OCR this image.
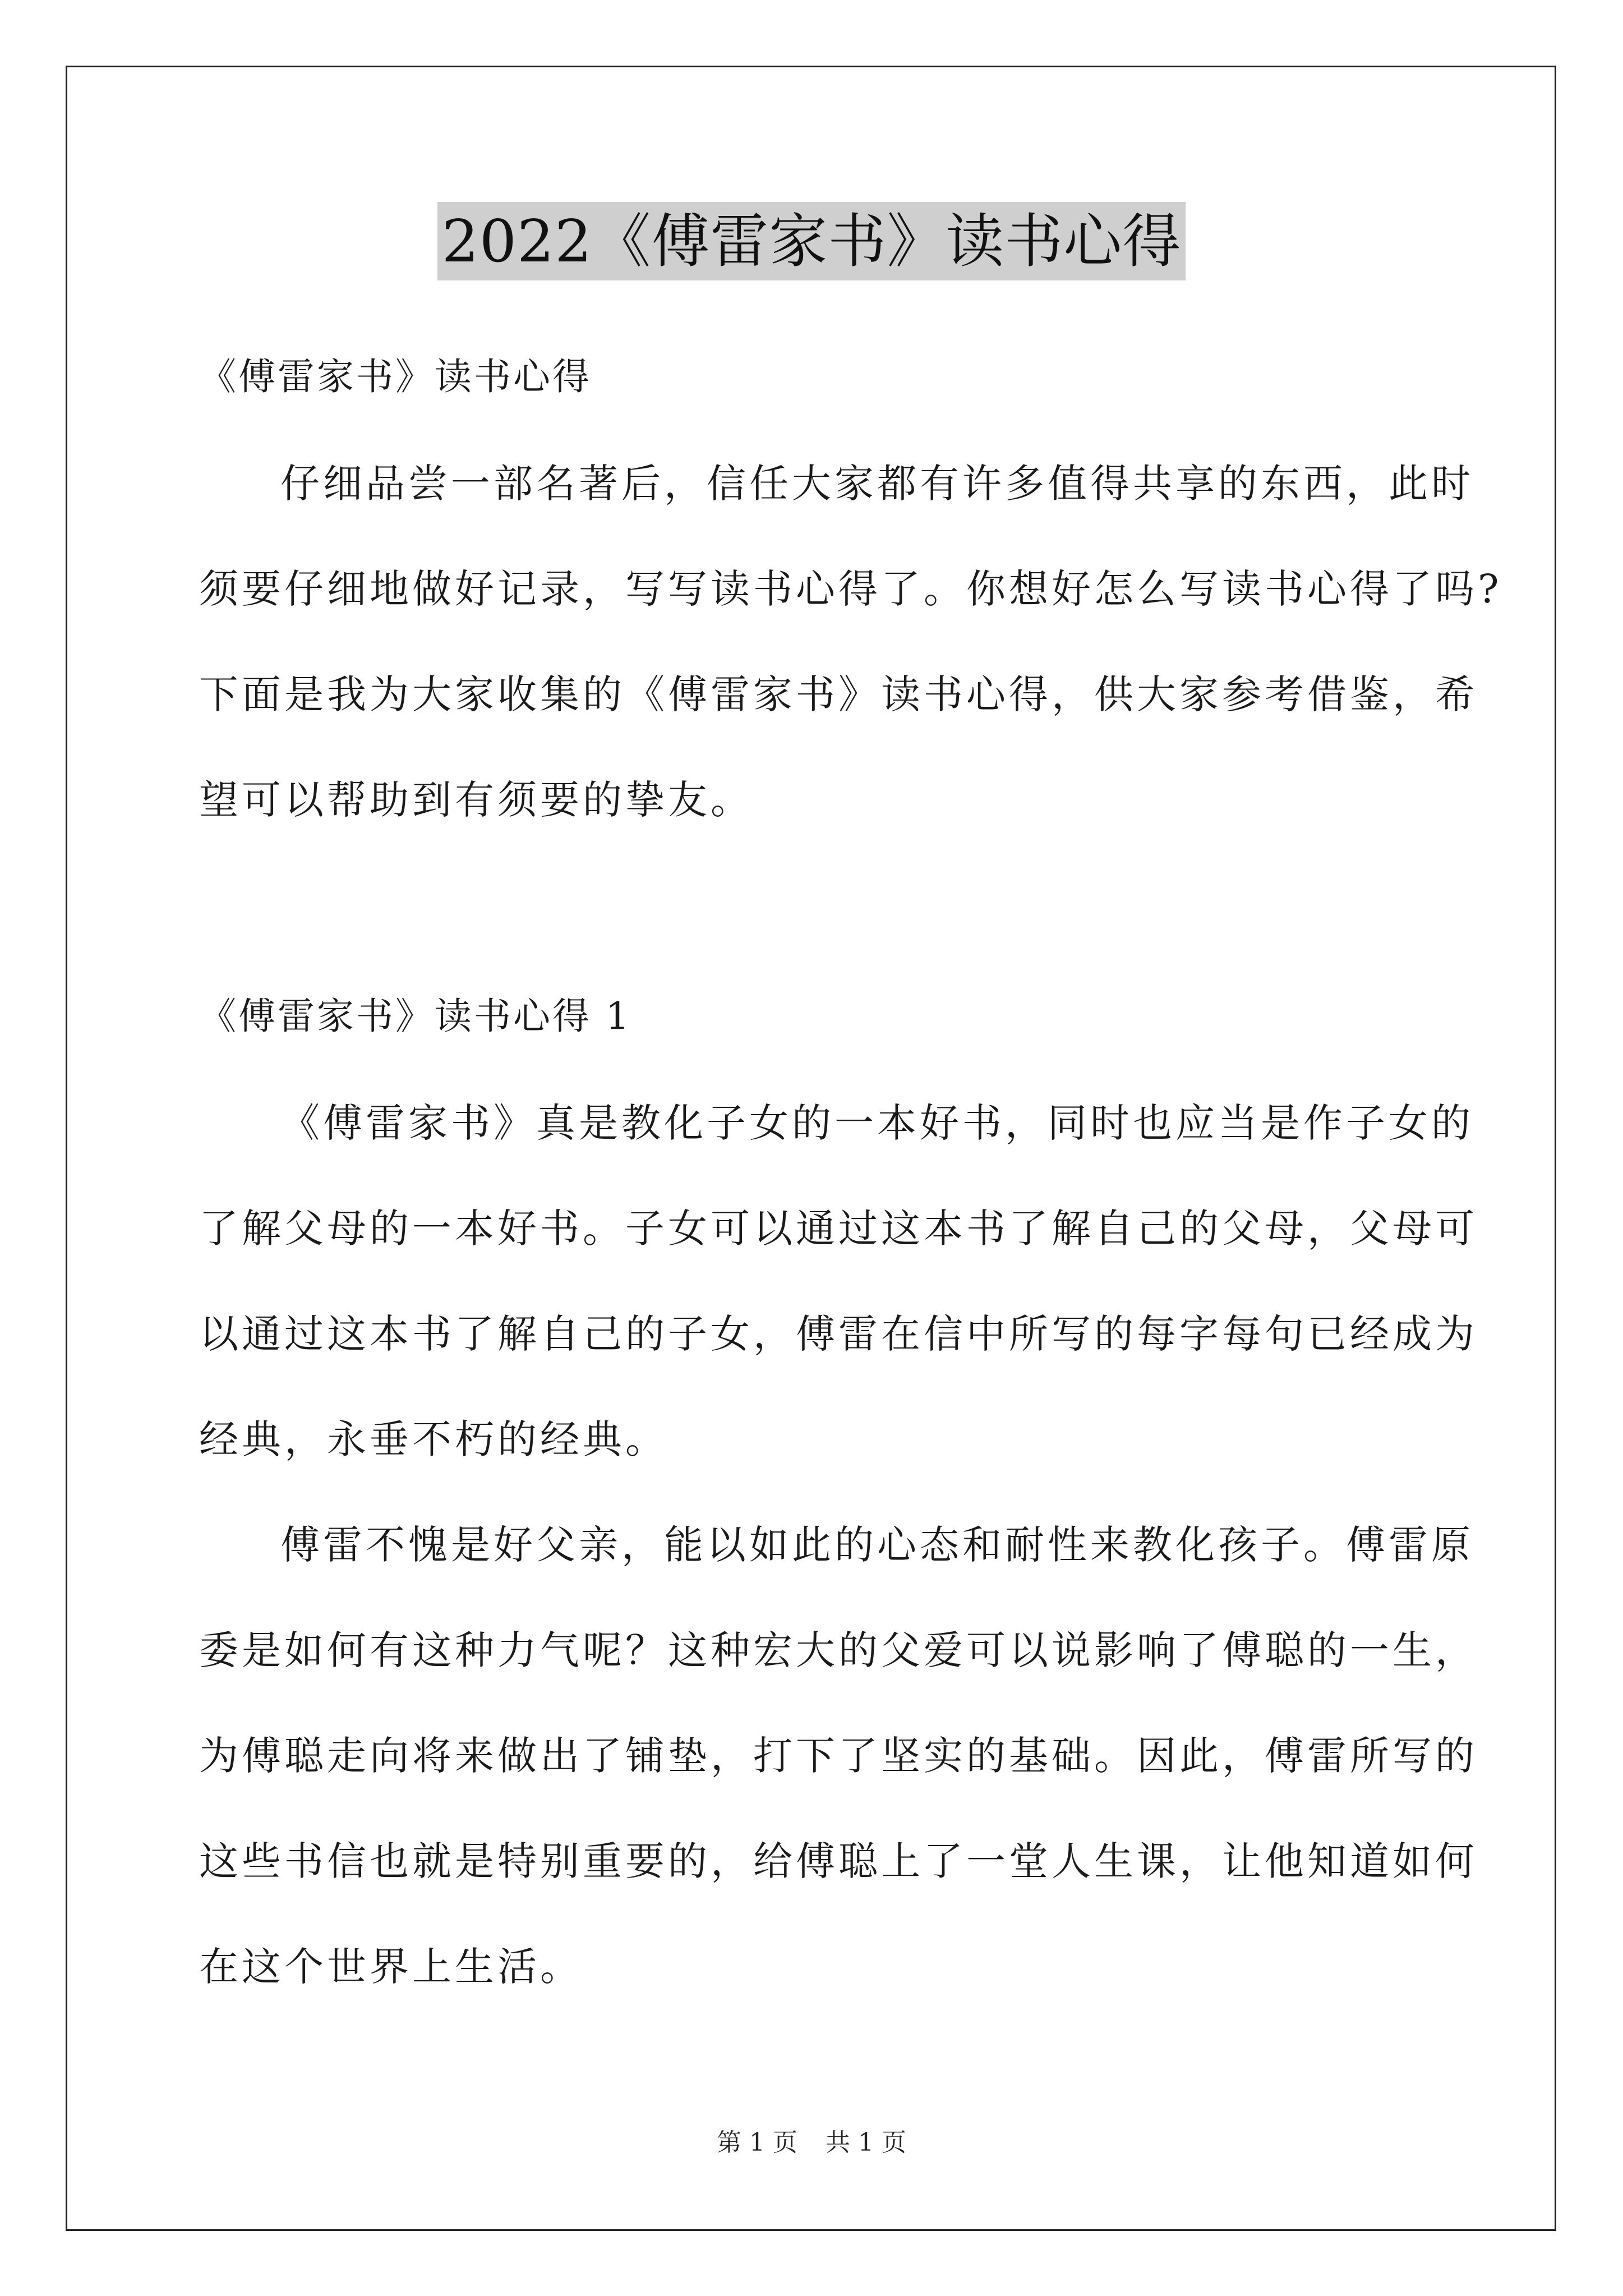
2022《傅雷家书》读书心得
《傅雷家书》读书心得
仔细品尝一部名著后，信任大家都有许多值得共享的东西，此时
须要仔细地做好记录，写写读书心得了。你想好怎么写读书心得了吗?
下面是我为大家收集的《傅雷家书》读书心得，供大家参考借鉴，希
望可以帮助到有须要的挚友。
《傅雷家书》读书心得 1
《傅雷家书》真是教化子女的一本好书，同时也应当是作子女的
了解父母的一本好书。子女可以通过这本书了解自己的父母，父母可
以通过这本书了解自己的子女，傅雷在信中所写的每字每句已经成为
经典，永垂不朽的经典。
傅雷不愧是好父亲，能以如此的心态和耐性来教化孩子。傅雷原
委是如何有这种力气呢？这种宏大的父爱可以说影响了傅聪的一生，
为傅聪走向将来做出了铺垫，打下了坚实的基础。因此，傅雷所写的
这些书信也就是特别重要的，给傅聪上了一堂人生课，让他知道如何
在这个世界上生活。
第 1 页 共 1 页
